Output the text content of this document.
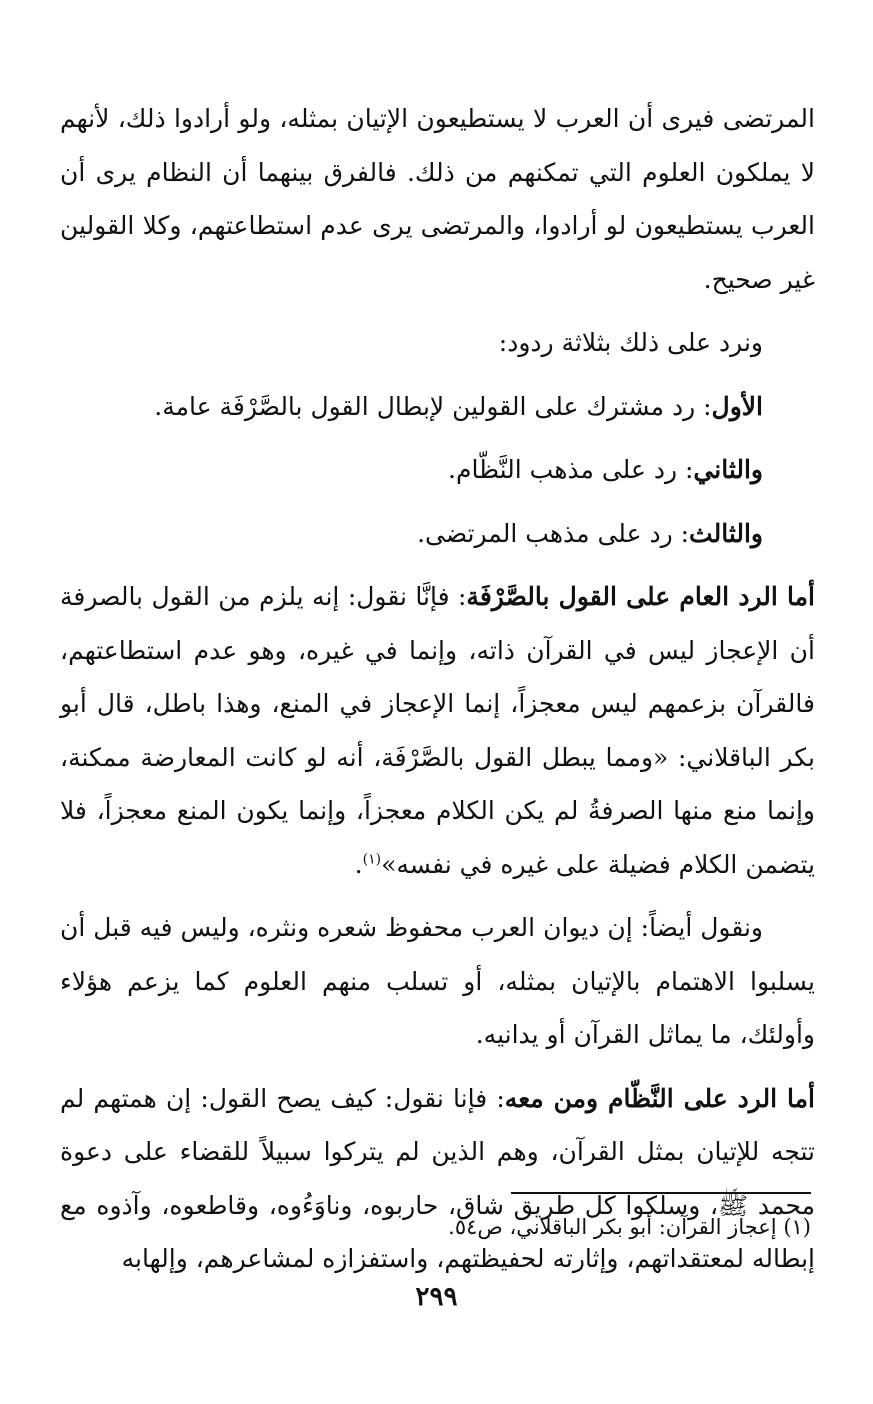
المرتضى فيرى أن العرب لا يستطيعون الإتيان بمثله، ولو أرادوا ذلك، لأنهم لا يملكون العلوم التي تمكنهم من ذلك. فالفرق بينهما أن النظام يرى أن العرب يستطيعون لو أرادوا، والمرتضى يرى عدم استطاعتهم، وكلا القولين غير صحيح.

ونرد على ذلك بثلاثة ردود:

الأول: رد مشترك على القولين لإبطال القول بالصَّرْفَة عامة.

والثاني: رد على مذهب النَّظّام.

والثالث: رد على مذهب المرتضى.

أما الرد العام على القول بالصَّرْفَة: فإنَّا نقول: إنه يلزم من القول بالصرفة أن الإعجاز ليس في القرآن ذاته، وإنما في غيره، وهو عدم استطاعتهم، فالقرآن بزعمهم ليس معجزاً، إنما الإعجاز في المنع، وهذا باطل، قال أبو بكر الباقلاني: «ومما يبطل القول بالصَّرْفَة، أنه لو كانت المعارضة ممكنة، وإنما منع منها الصرفةُ لم يكن الكلام معجزاً، وإنما يكون المنع معجزاً، فلا يتضمن الكلام فضيلة على غيره في نفسه»$^{(١)}$.

ونقول أيضاً: إن ديوان العرب محفوظ شعره ونثره، وليس فيه قبل أن يسلبوا الاهتمام بالإتيان بمثله، أو تسلب منهم العلوم كما يزعم هؤلاء وأولئك، ما يماثل القرآن أو يدانيه.

أما الرد على النَّظّام ومن معه: فإنا نقول: كيف يصح القول: إن همتهم لم تتجه للإتيان بمثل القرآن، وهم الذين لم يتركوا سبيلاً للقضاء على دعوة محمد ﷺ، وسلكوا كل طريق شاق، حاربوه، وناوَءُوه، وقاطعوه، وآذوه مع إبطاله لمعتقداتهم، وإثارته لحفيظتهم، واستفزازه لمشاعرهم، وإلهابه

(١) إعجاز القرآن: أبو بكر الباقلاني، ص٥٤.
٢٩٩
